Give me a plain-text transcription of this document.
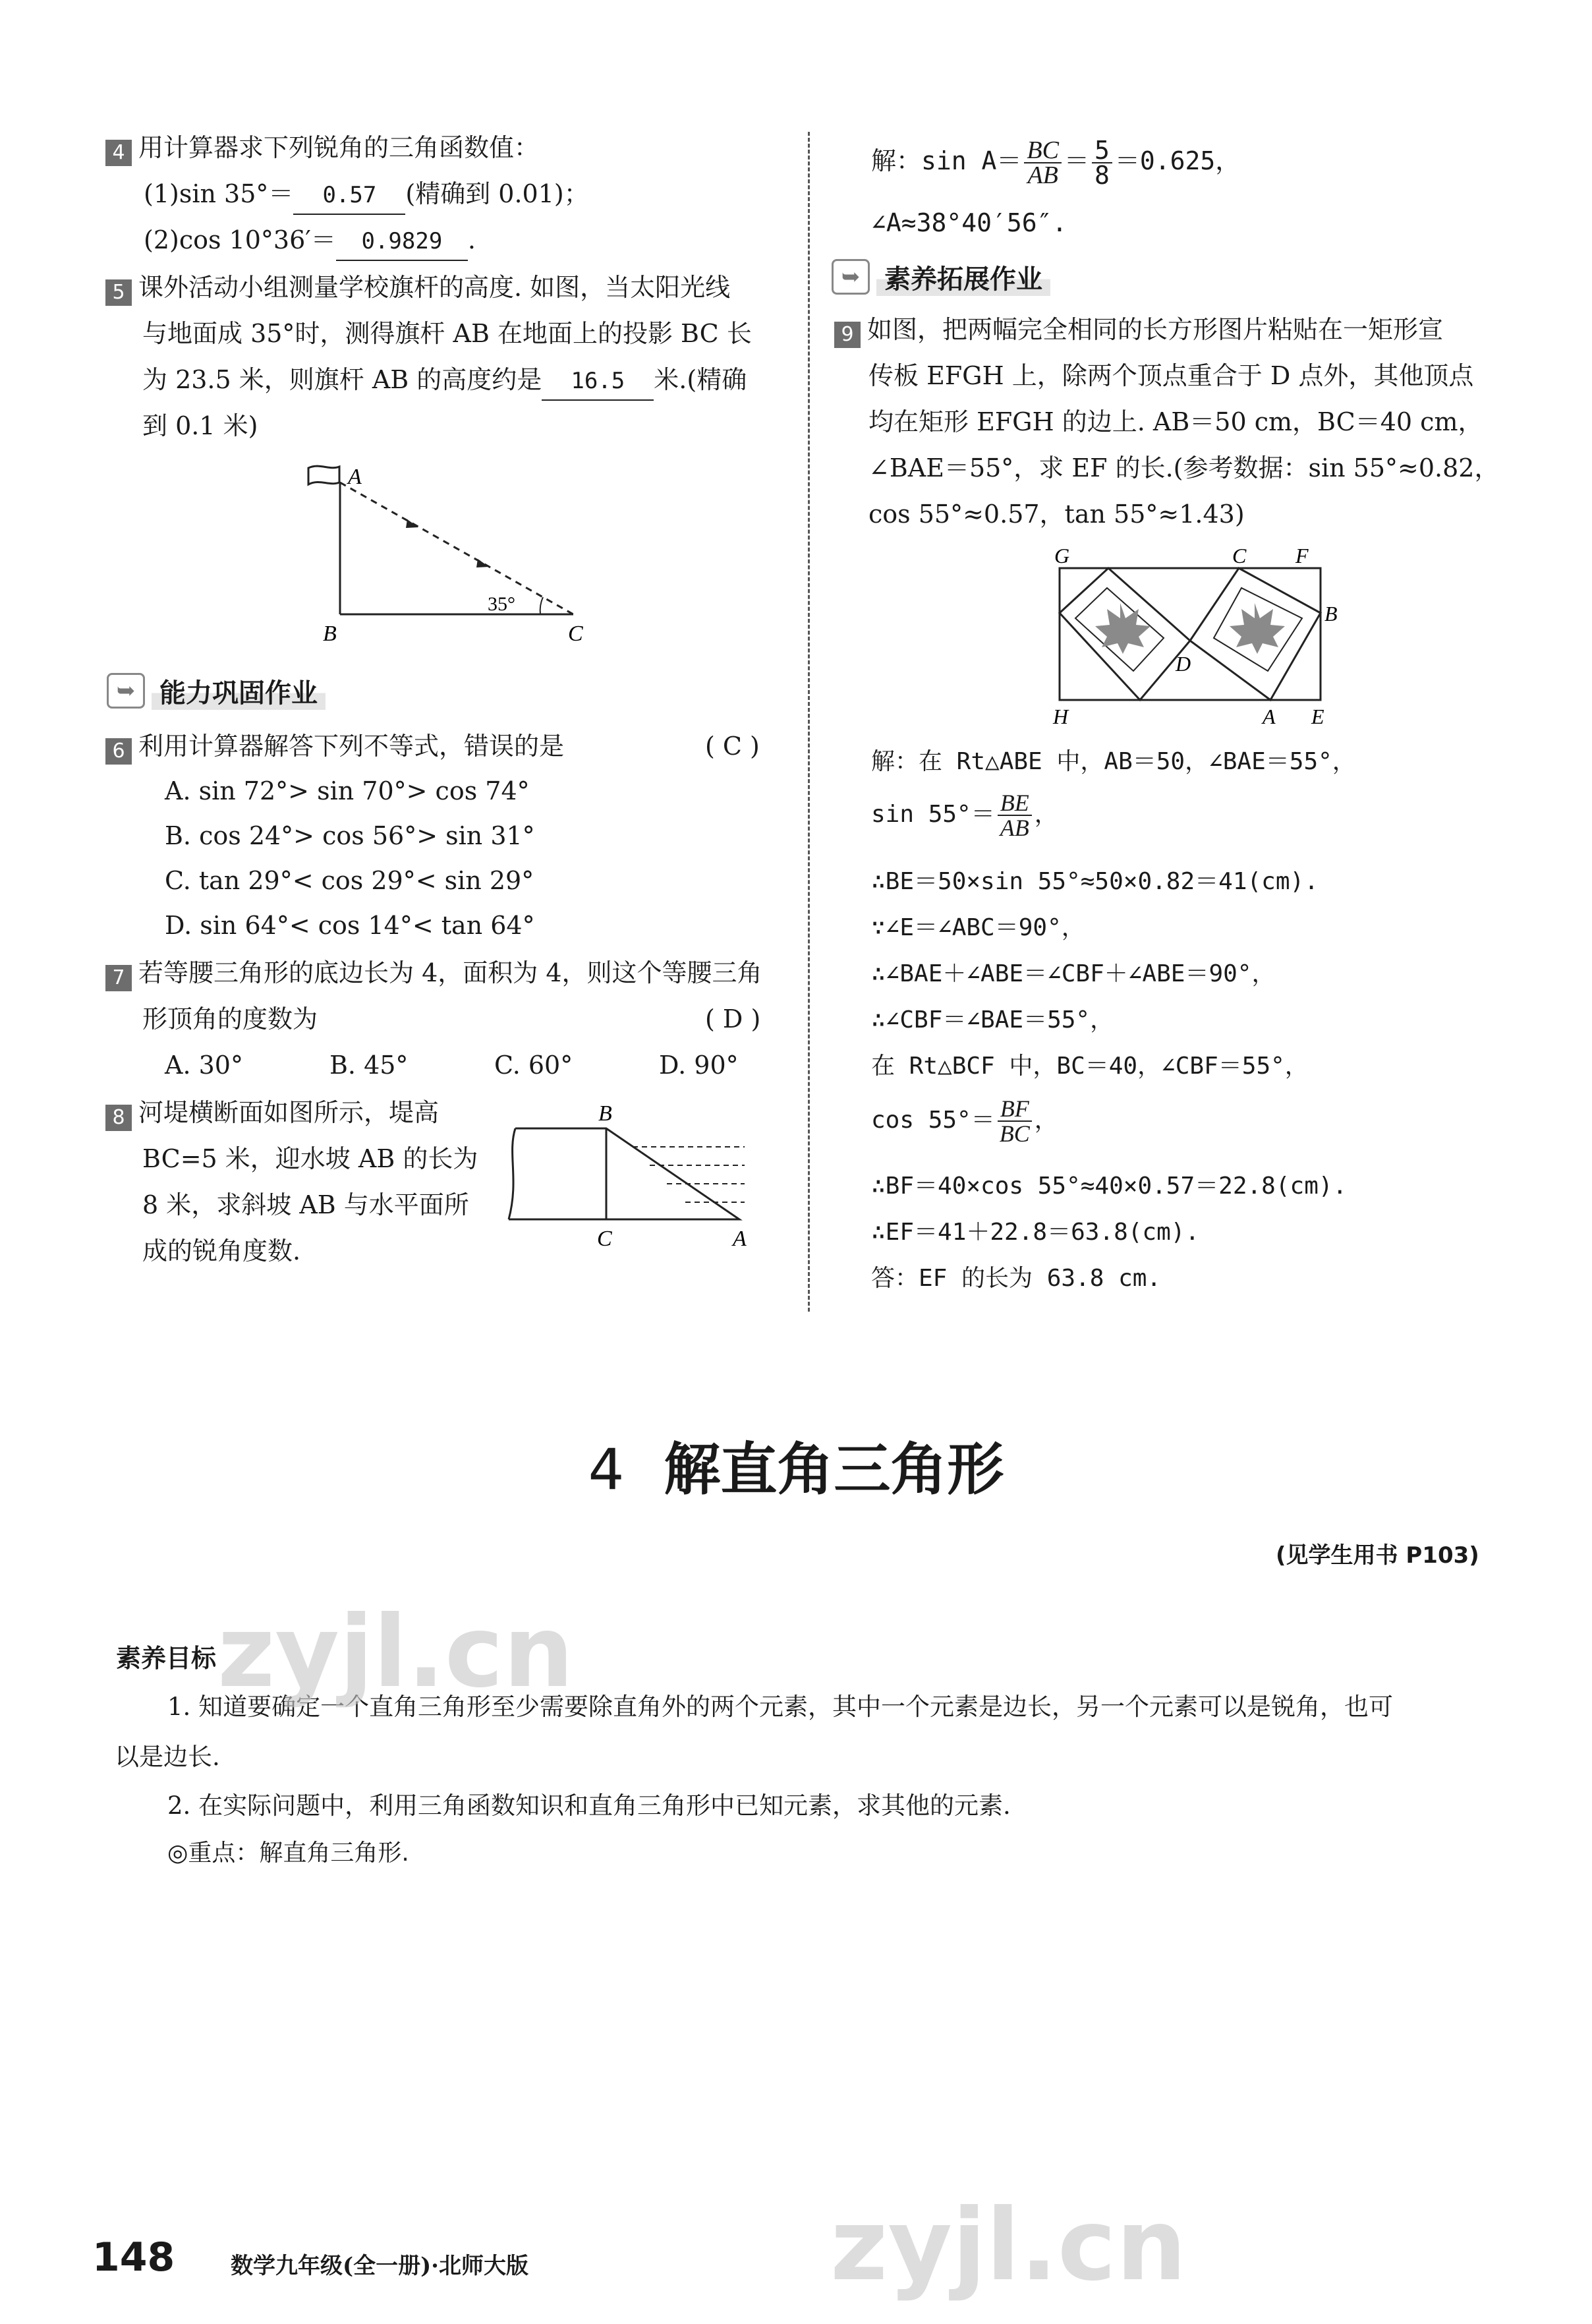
4 用计算器求下列锐角的三角函数值：
(1)sin 35°＝ 0.57 (精确到 0.01)；
(2)cos 10°36′＝ 0.9829 .
5 课外活动小组测量学校旗杆的高度. 如图，当太阳光线
与地面成 35°时，测得旗杆 AB 在地面上的投影 BC 长
为 23.5 米，则旗杆 AB 的高度约是 16.5 米.(精确
到 0.1 米)
A
B	C
35°
➥ 能力巩固作业
6 利用计算器解答下列不等式，错误的是	( C )
A. sin 72°> sin 70°> cos 74°
B. cos 24°> cos 56°> sin 31°
C. tan 29°< cos 29°< sin 29°
D. sin 64°< cos 14°< tan 64°
7 若等腰三角形的底边长为 4，面积为 4，则这个等腰三角
形顶角的度数为	( D )
A. 30°	B. 45°	C. 60°	D. 90°
8 河堤横断面如图所示，堤高
BC=5 米，迎水坡 AB 的长为
8 米，求斜坡 AB 与水平面所
成的锐角度数.
B
C	A
解：$\sin A= \frac{BC}{AB} = \frac{5}{8} =0.625$，
∠A≈38°40′56″.
➥ 素养拓展作业
9 如图，把两幅完全相同的长方形图片粘贴在一矩形宣
传板 EFGH 上，除两个顶点重合于 D 点外，其他顶点
均在矩形 EFGH 的边上. AB＝50 cm，BC＝40 cm，
∠BAE＝55°，求 EF 的长.(参考数据：sin 55°≈0.82，
cos 55°≈0.57，tan 55°≈1.43)
G	C F
B
D
H	A E
解：在 Rt△ABE 中，AB＝50，∠BAE＝55°，
$\sin 55^\circ= \frac{BE}{AB}$ ，
∴BE＝50×sin 55°≈50×0.82＝41(cm).
∵∠E＝∠ABC＝90°，
∴∠BAE＋∠ABE＝∠CBF＋∠ABE＝90°，
∴∠CBF＝∠BAE＝55°，
在 Rt△BCF 中，BC＝40，∠CBF＝55°，
$\cos 55^\circ= \frac{BF}{BC}$ ，
∴BF＝40×cos 55°≈40×0.57＝22.8(cm).
∴EF＝41＋22.8＝63.8(cm).
答：EF 的长为 63.8 cm.
4 解直角三角形
(见学生用书 P103)
素养目标
1. 知道要确定一个直角三角形至少需要除直角外的两个元素，其中一个元素是边长，另一个元素可以是锐角，也可
以是边长.
2. 在实际问题中，利用三角函数知识和直角三角形中已知元素，求其他的元素.
◎重点：解直角三角形.
148 数学九年级(全一册)·北师大版
zyjl.cn
zyjl.cn
